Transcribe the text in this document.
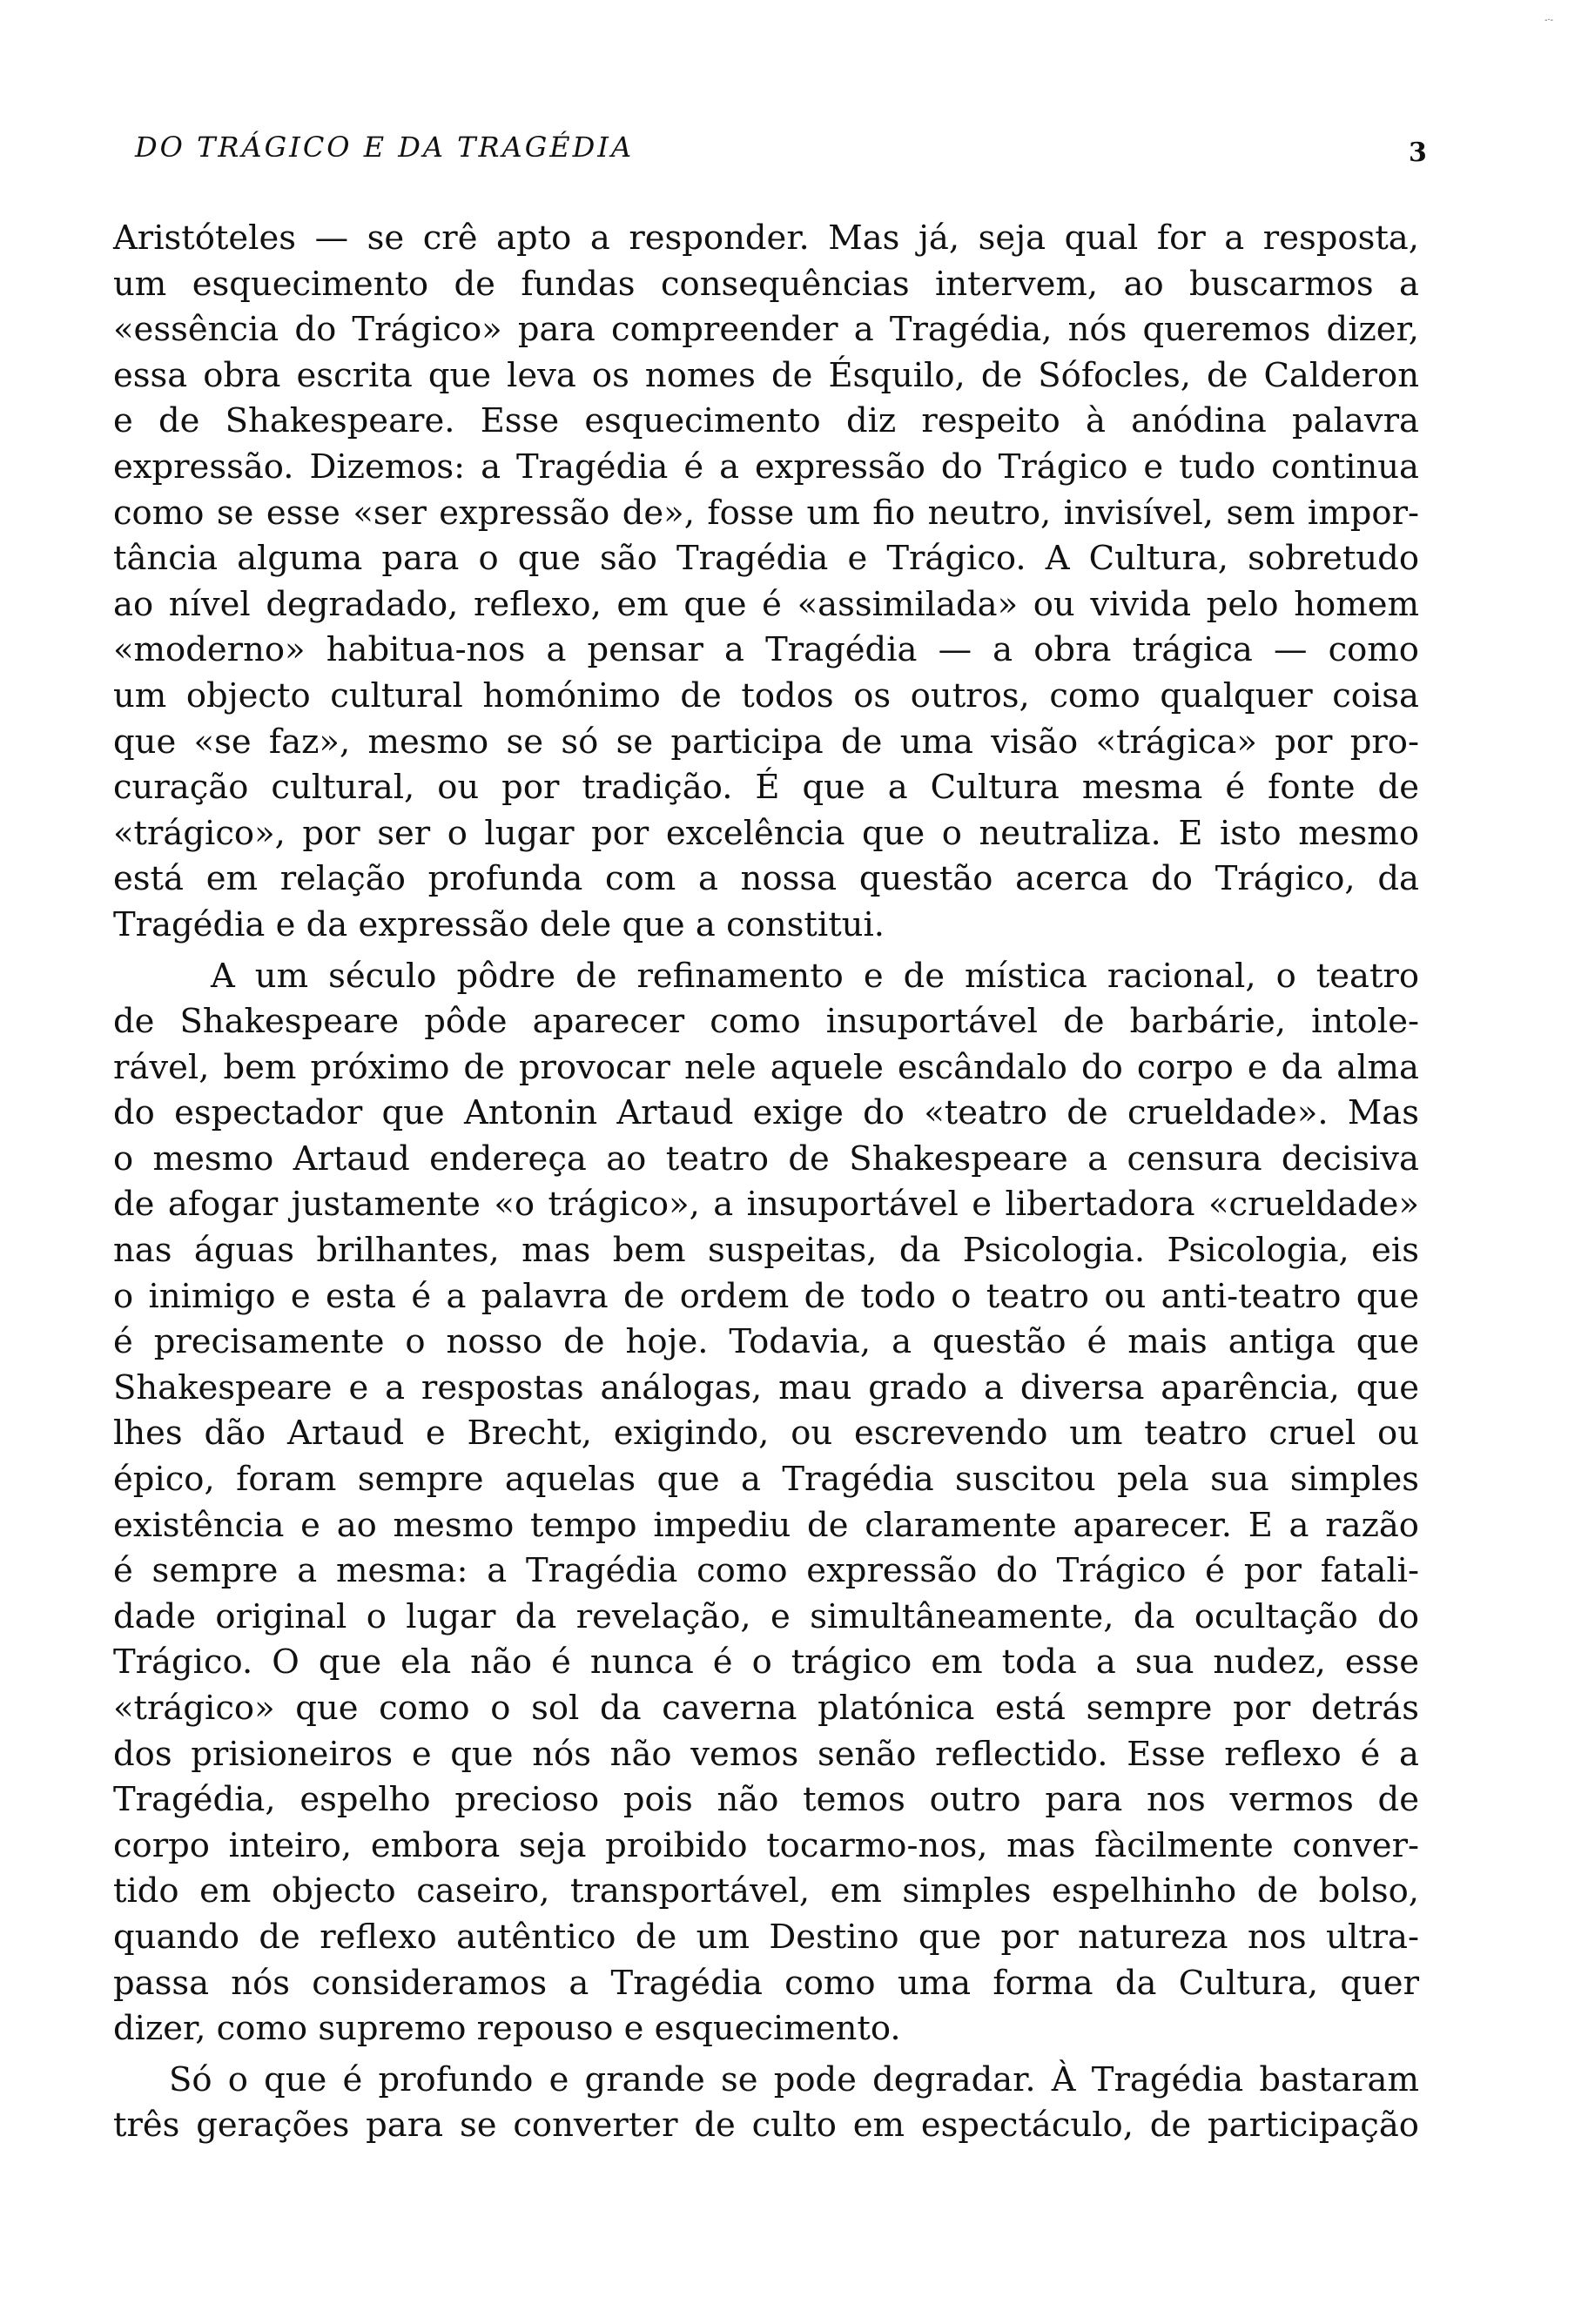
-·-
DO TRÁGICO E DA TRAGÉDIA	3

Aristóteles — se crê apto a responder. Mas já, seja qual for a resposta,
um esquecimento de fundas consequências intervem, ao buscarmos a
«essência do Trágico» para compreender a Tragédia, nós queremos dizer,
essa obra escrita que leva os nomes de Ésquilo, de Sófocles, de Calderon
e de Shakespeare. Esse esquecimento diz respeito à anódina palavra
expressão. Dizemos: a Tragédia é a expressão do Trágico e tudo continua
como se esse «ser expressão de», fosse um fio neutro, invisível, sem impor-
tância alguma para o que são Tragédia e Trágico. A Cultura, sobretudo
ao nível degradado, reflexo, em que é «assimilada» ou vivida pelo homem
«moderno» habitua-nos a pensar a Tragédia — a obra trágica — como
um objecto cultural homónimo de todos os outros, como qualquer coisa
que «se faz», mesmo se só se participa de uma visão «trágica» por pro-
curação cultural, ou por tradição. É que a Cultura mesma é fonte de
«trágico», por ser o lugar por excelência que o neutraliza. E isto mesmo
está em relação profunda com a nossa questão acerca do Trágico, da
Tragédia e da expressão dele que a constitui.

A um século pôdre de refinamento e de mística racional, o teatro
de Shakespeare pôde aparecer como insuportável de barbárie, intole-
rável, bem próximo de provocar nele aquele escândalo do corpo e da alma
do espectador que Antonin Artaud exige do «teatro de crueldade». Mas
o mesmo Artaud endereça ao teatro de Shakespeare a censura decisiva
de afogar justamente «o trágico», a insuportável e libertadora «crueldade»
nas águas brilhantes, mas bem suspeitas, da Psicologia. Psicologia, eis
o inimigo e esta é a palavra de ordem de todo o teatro ou anti-teatro que
é precisamente o nosso de hoje. Todavia, a questão é mais antiga que
Shakespeare e a respostas análogas, mau grado a diversa aparência, que
lhes dão Artaud e Brecht, exigindo, ou escrevendo um teatro cruel ou
épico, foram sempre aquelas que a Tragédia suscitou pela sua simples
existência e ao mesmo tempo impediu de claramente aparecer. E a razão
é sempre a mesma: a Tragédia como expressão do Trágico é por fatali-
dade original o lugar da revelação, e simultâneamente, da ocultação do
Trágico. O que ela não é nunca é o trágico em toda a sua nudez, esse
«trágico» que como o sol da caverna platónica está sempre por detrás
dos prisioneiros e que nós não vemos senão reflectido. Esse reflexo é a
Tragédia, espelho precioso pois não temos outro para nos vermos de
corpo inteiro, embora seja proibido tocarmo-nos, mas fàcilmente conver-
tido em objecto caseiro, transportável, em simples espelhinho de bolso,
quando de reflexo autêntico de um Destino que por natureza nos ultra-
passa nós consideramos a Tragédia como uma forma da Cultura, quer
dizer, como supremo repouso e esquecimento.

Só o que é profundo e grande se pode degradar. À Tragédia bastaram
três gerações para se converter de culto em espectáculo, de participação
